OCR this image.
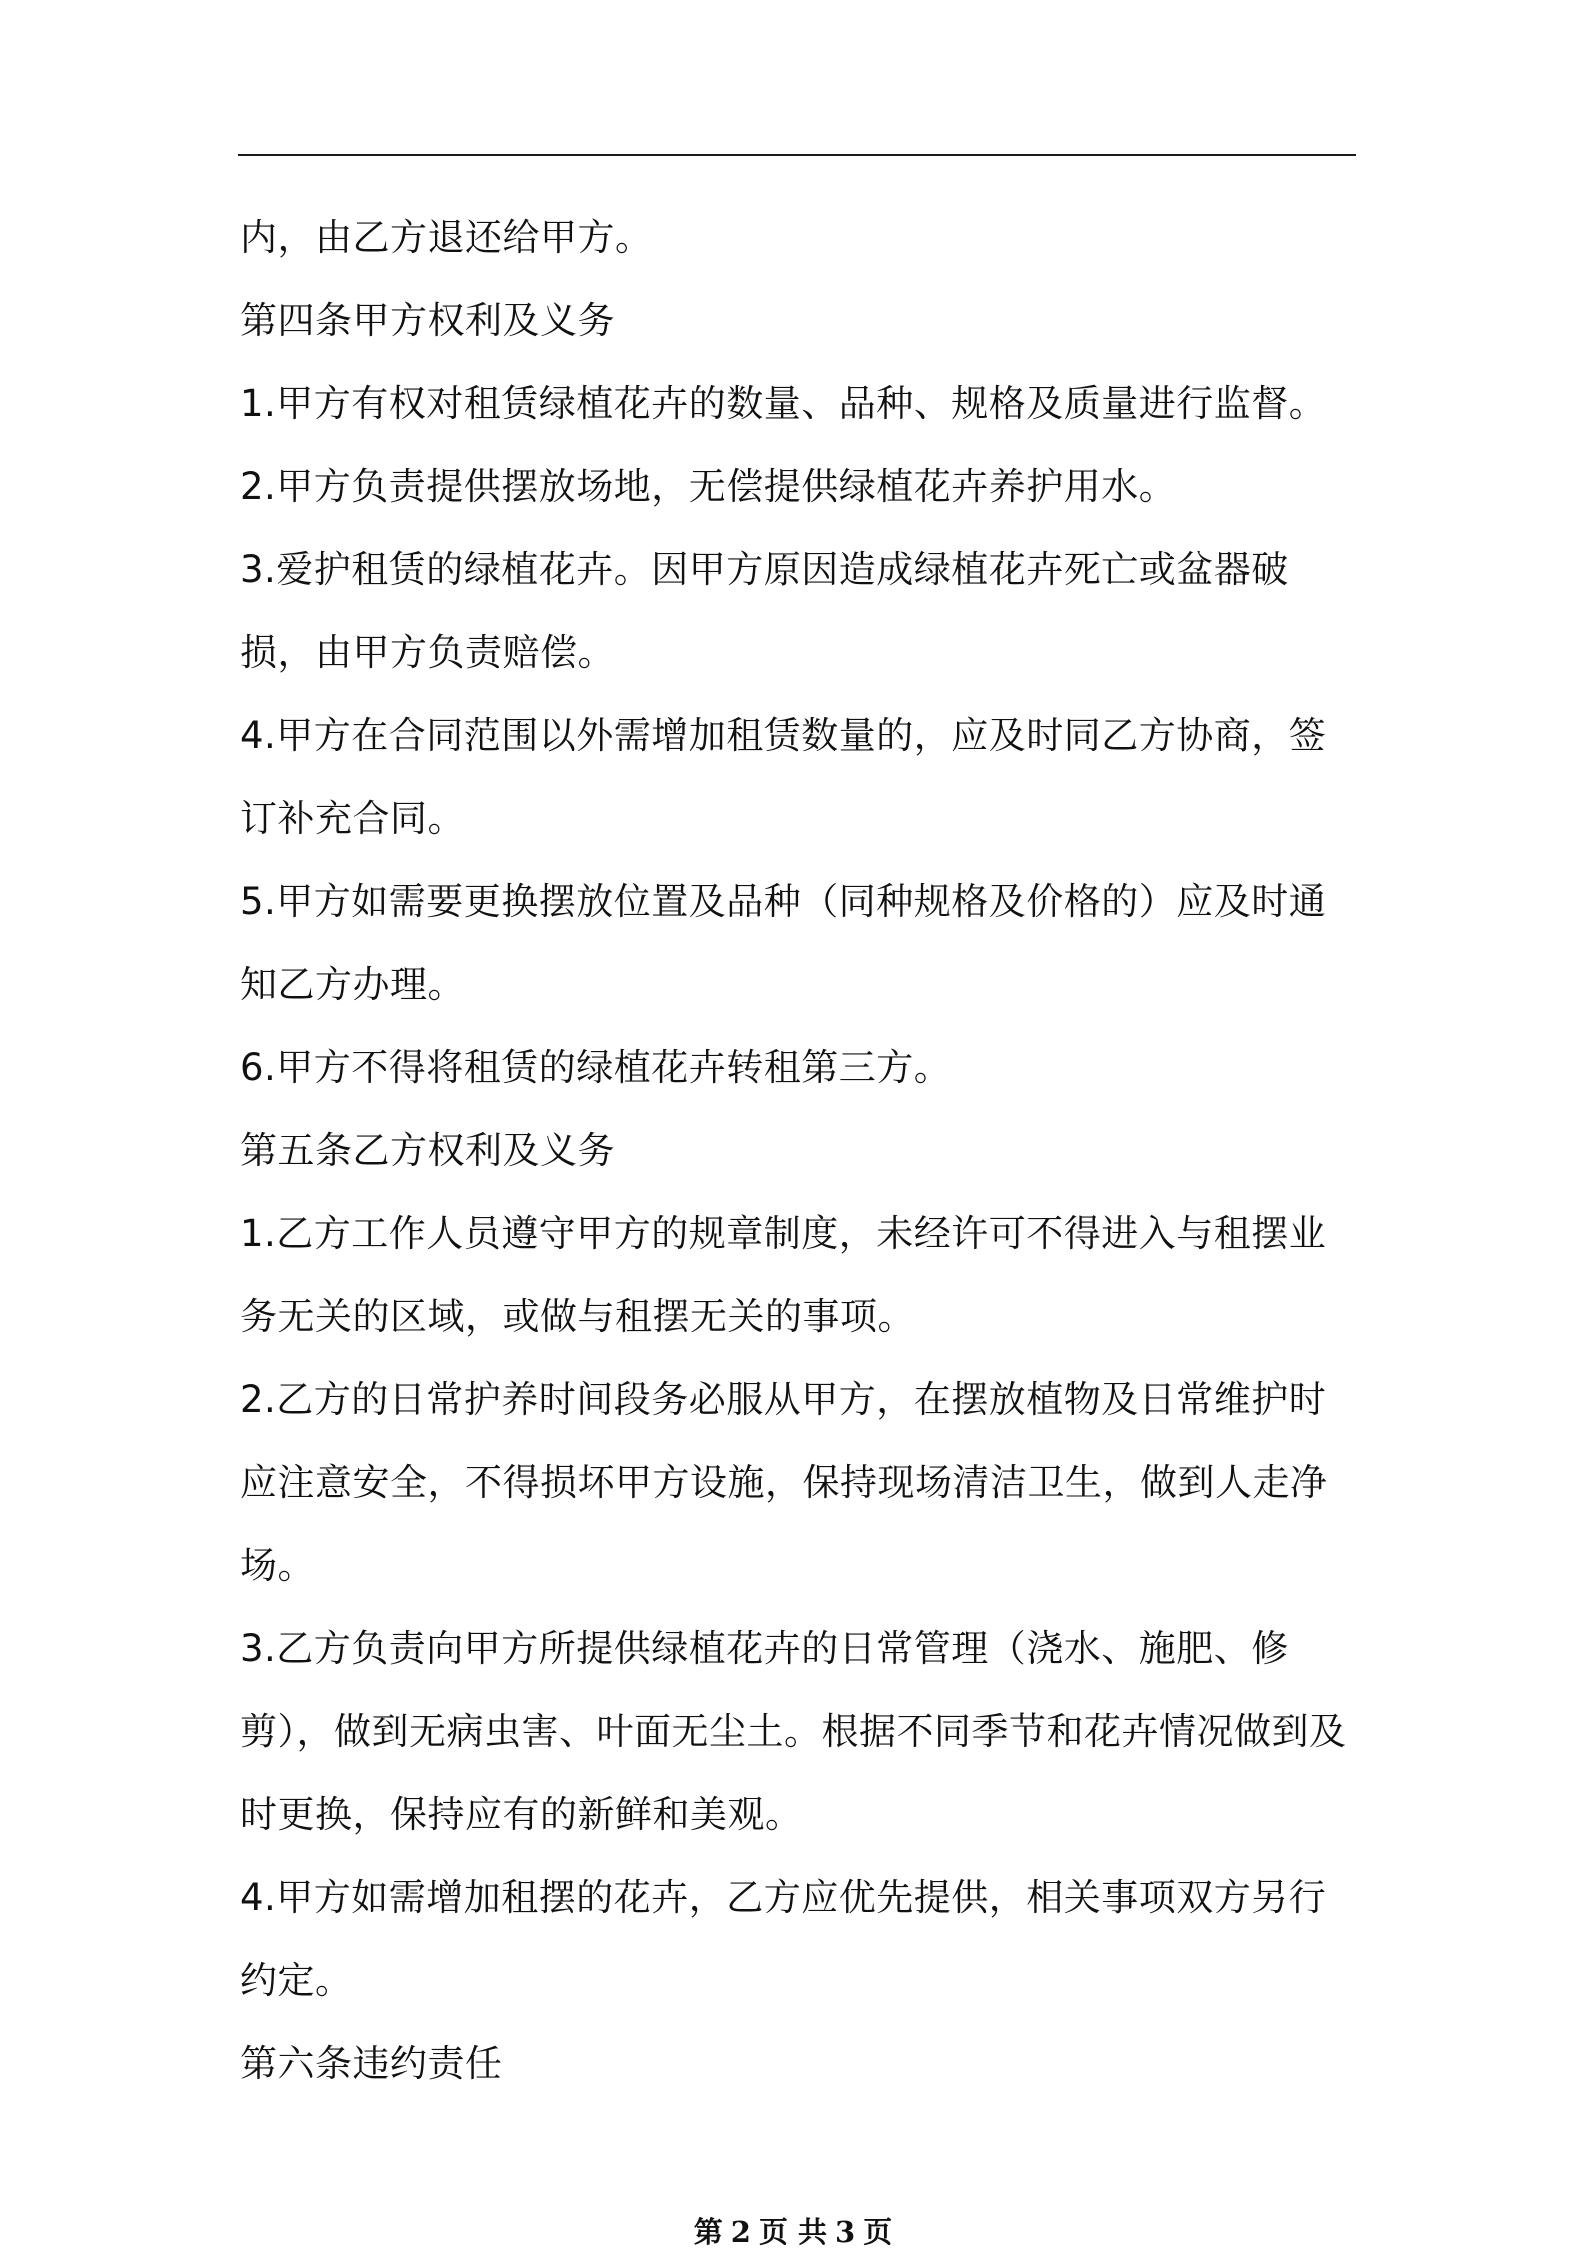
内，由乙方退还给甲方。

第四条甲方权利及义务

1.甲方有权对租赁绿植花卉的数量、品种、规格及质量进行监督。

2.甲方负责提供摆放场地，无偿提供绿植花卉养护用水。

3.爱护租赁的绿植花卉。因甲方原因造成绿植花卉死亡或盆器破损，由甲方负责赔偿。

4.甲方在合同范围以外需增加租赁数量的，应及时同乙方协商，签订补充合同。

5.甲方如需要更换摆放位置及品种（同种规格及价格的）应及时通知乙方办理。

6.甲方不得将租赁的绿植花卉转租第三方。

第五条乙方权利及义务

1.乙方工作人员遵守甲方的规章制度，未经许可不得进入与租摆业务无关的区域，或做与租摆无关的事项。

2.乙方的日常护养时间段务必服从甲方，在摆放植物及日常维护时应注意安全，不得损坏甲方设施，保持现场清洁卫生，做到人走净场。

3.乙方负责向甲方所提供绿植花卉的日常管理（浇水、施肥、修剪），做到无病虫害、叶面无尘土。根据不同季节和花卉情况做到及时更换，保持应有的新鲜和美观。

4.甲方如需增加租摆的花卉，乙方应优先提供，相关事项双方另行约定。

第六条违约责任

第 2 页 共 3 页
